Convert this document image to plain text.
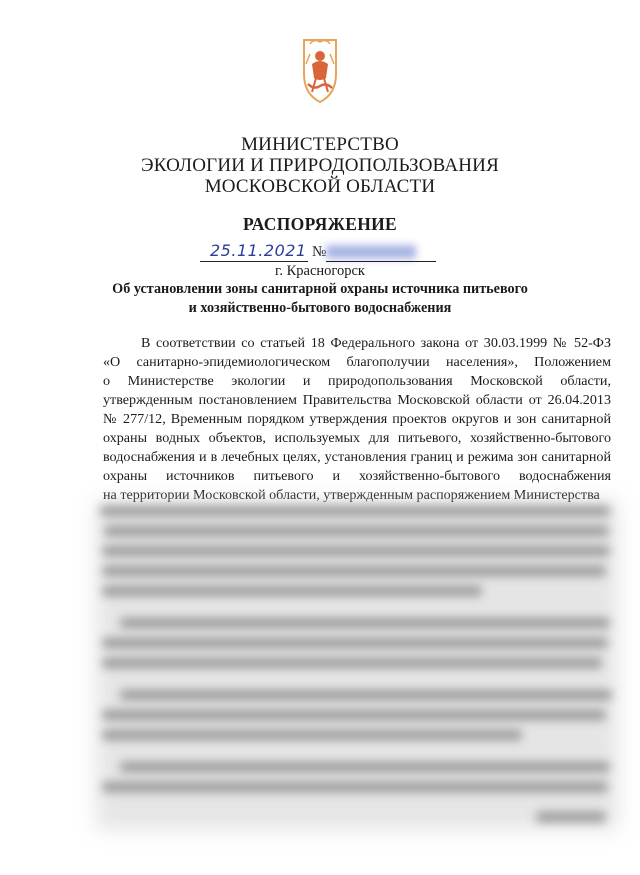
МИНИСТЕРСТВО
ЭКОЛОГИИ И ПРИРОДОПОЛЬЗОВАНИЯ
МОСКОВСКОЙ ОБЛАСТИ
РАСПОРЯЖЕНИЕ
25.11.2021 №
г. Красногорск
Об установлении зоны санитарной охраны источника питьевого
и хозяйственно-бытового водоснабжения
В соответствии со статьей 18 Федерального закона от 30.03.1999 № 52-ФЗ
«О санитарно-эпидемиологическом благополучии населения», Положением
о Министерстве экологии и природопользования Московской области,
утвержденным постановлением Правительства Московской области от 26.04.2013
№ 277/12, Временным порядком утверждения проектов округов и зон санитарной
охраны водных объектов, используемых для питьевого, хозяйственно-бытового
водоснабжения и в лечебных целях, установления границ и режима зон санитарной
охраны источников питьевого и хозяйственно-бытового водоснабжения
на территории Московской области, утвержденным распоряжением Министерства
